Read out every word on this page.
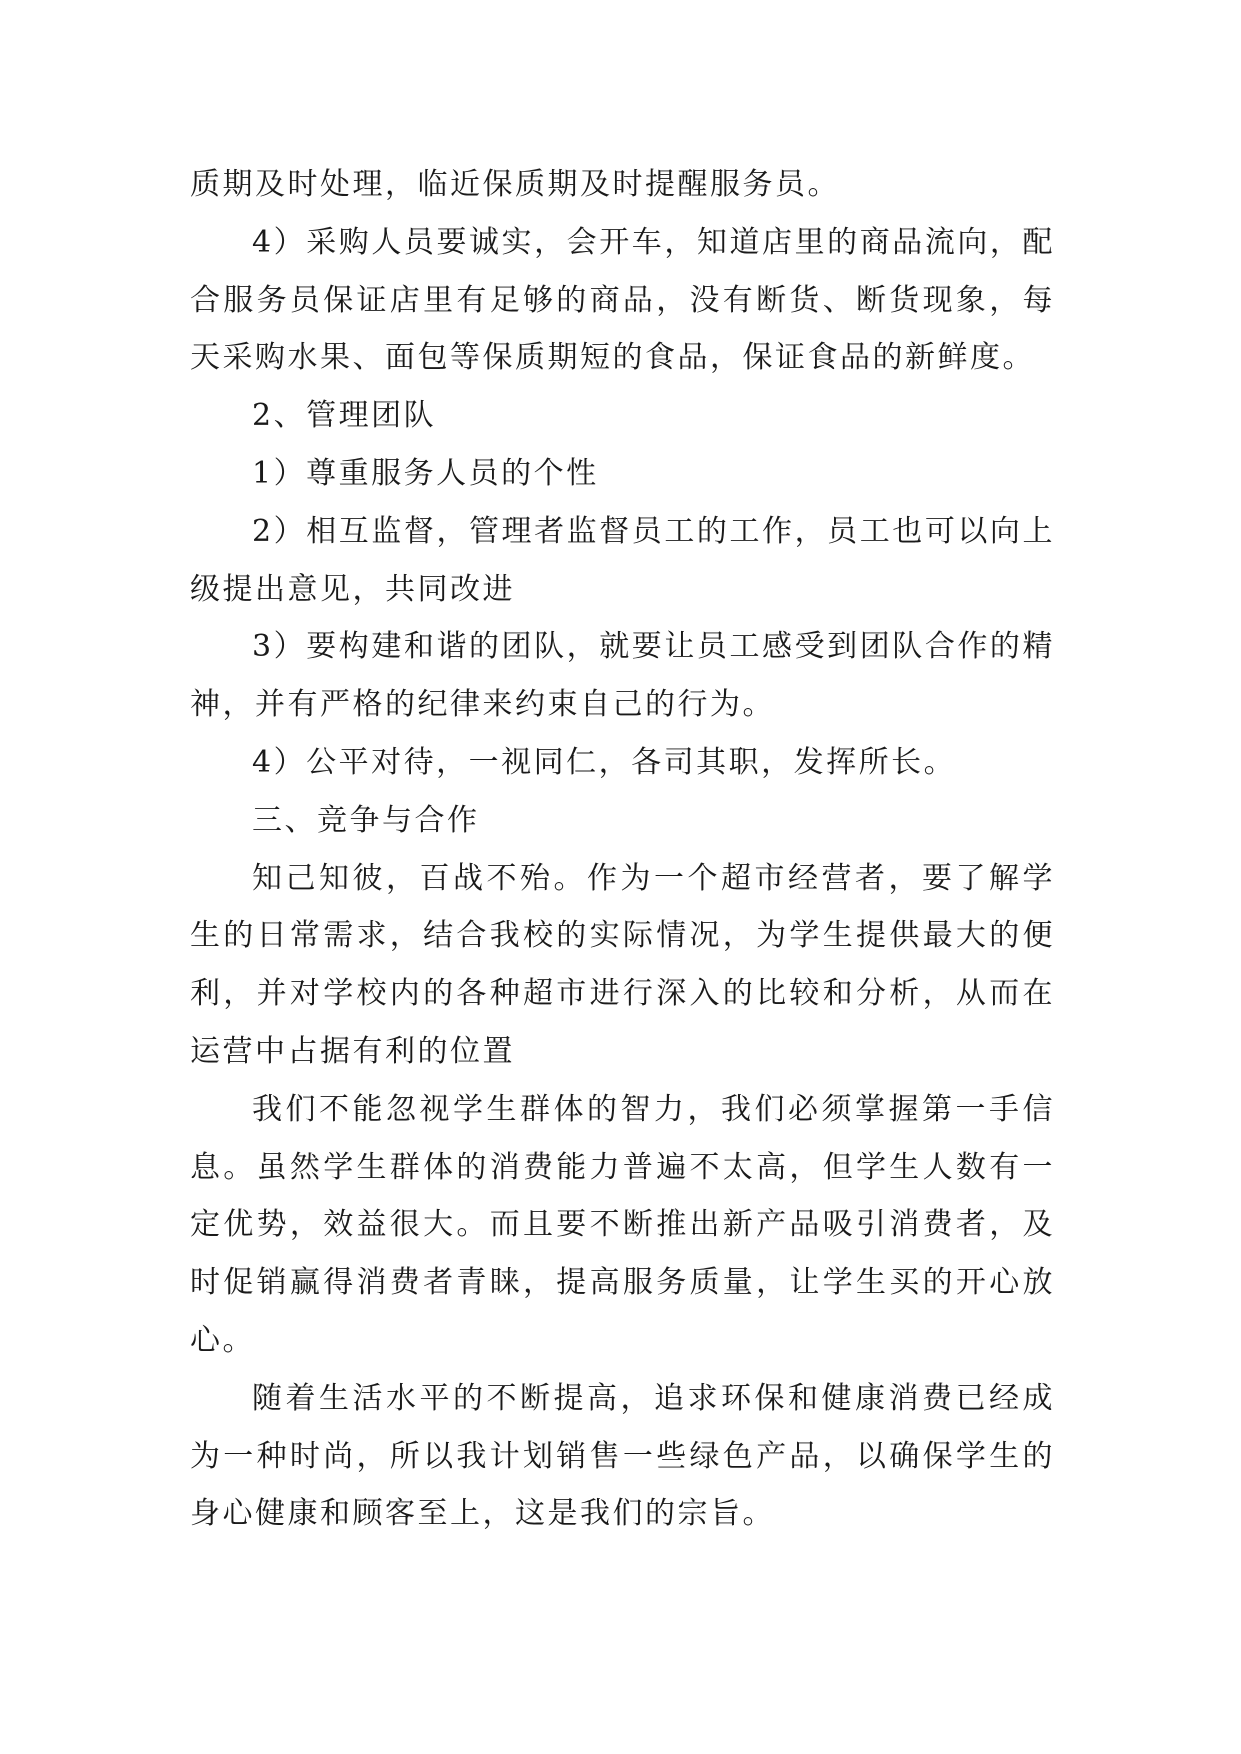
质期及时处理，临近保质期及时提醒服务员。

4）采购人员要诚实，会开车，知道店里的商品流向，配合服务员保证店里有足够的商品，没有断货、断货现象，每天采购水果、面包等保质期短的食品，保证食品的新鲜度。

2、管理团队

1）尊重服务人员的个性

2）相互监督，管理者监督员工的工作，员工也可以向上级提出意见，共同改进

3）要构建和谐的团队，就要让员工感受到团队合作的精神，并有严格的纪律来约束自己的行为。

4）公平对待，一视同仁，各司其职，发挥所长。

三、竞争与合作

知己知彼，百战不殆。作为一个超市经营者，要了解学生的日常需求，结合我校的实际情况，为学生提供最大的便利，并对学校内的各种超市进行深入的比较和分析，从而在运营中占据有利的位置

我们不能忽视学生群体的智力，我们必须掌握第一手信息。虽然学生群体的消费能力普遍不太高，但学生人数有一定优势，效益很大。而且要不断推出新产品吸引消费者，及时促销赢得消费者青睐，提高服务质量，让学生买的开心放心。

随着生活水平的不断提高，追求环保和健康消费已经成为一种时尚，所以我计划销售一些绿色产品，以确保学生的身心健康和顾客至上，这是我们的宗旨。
